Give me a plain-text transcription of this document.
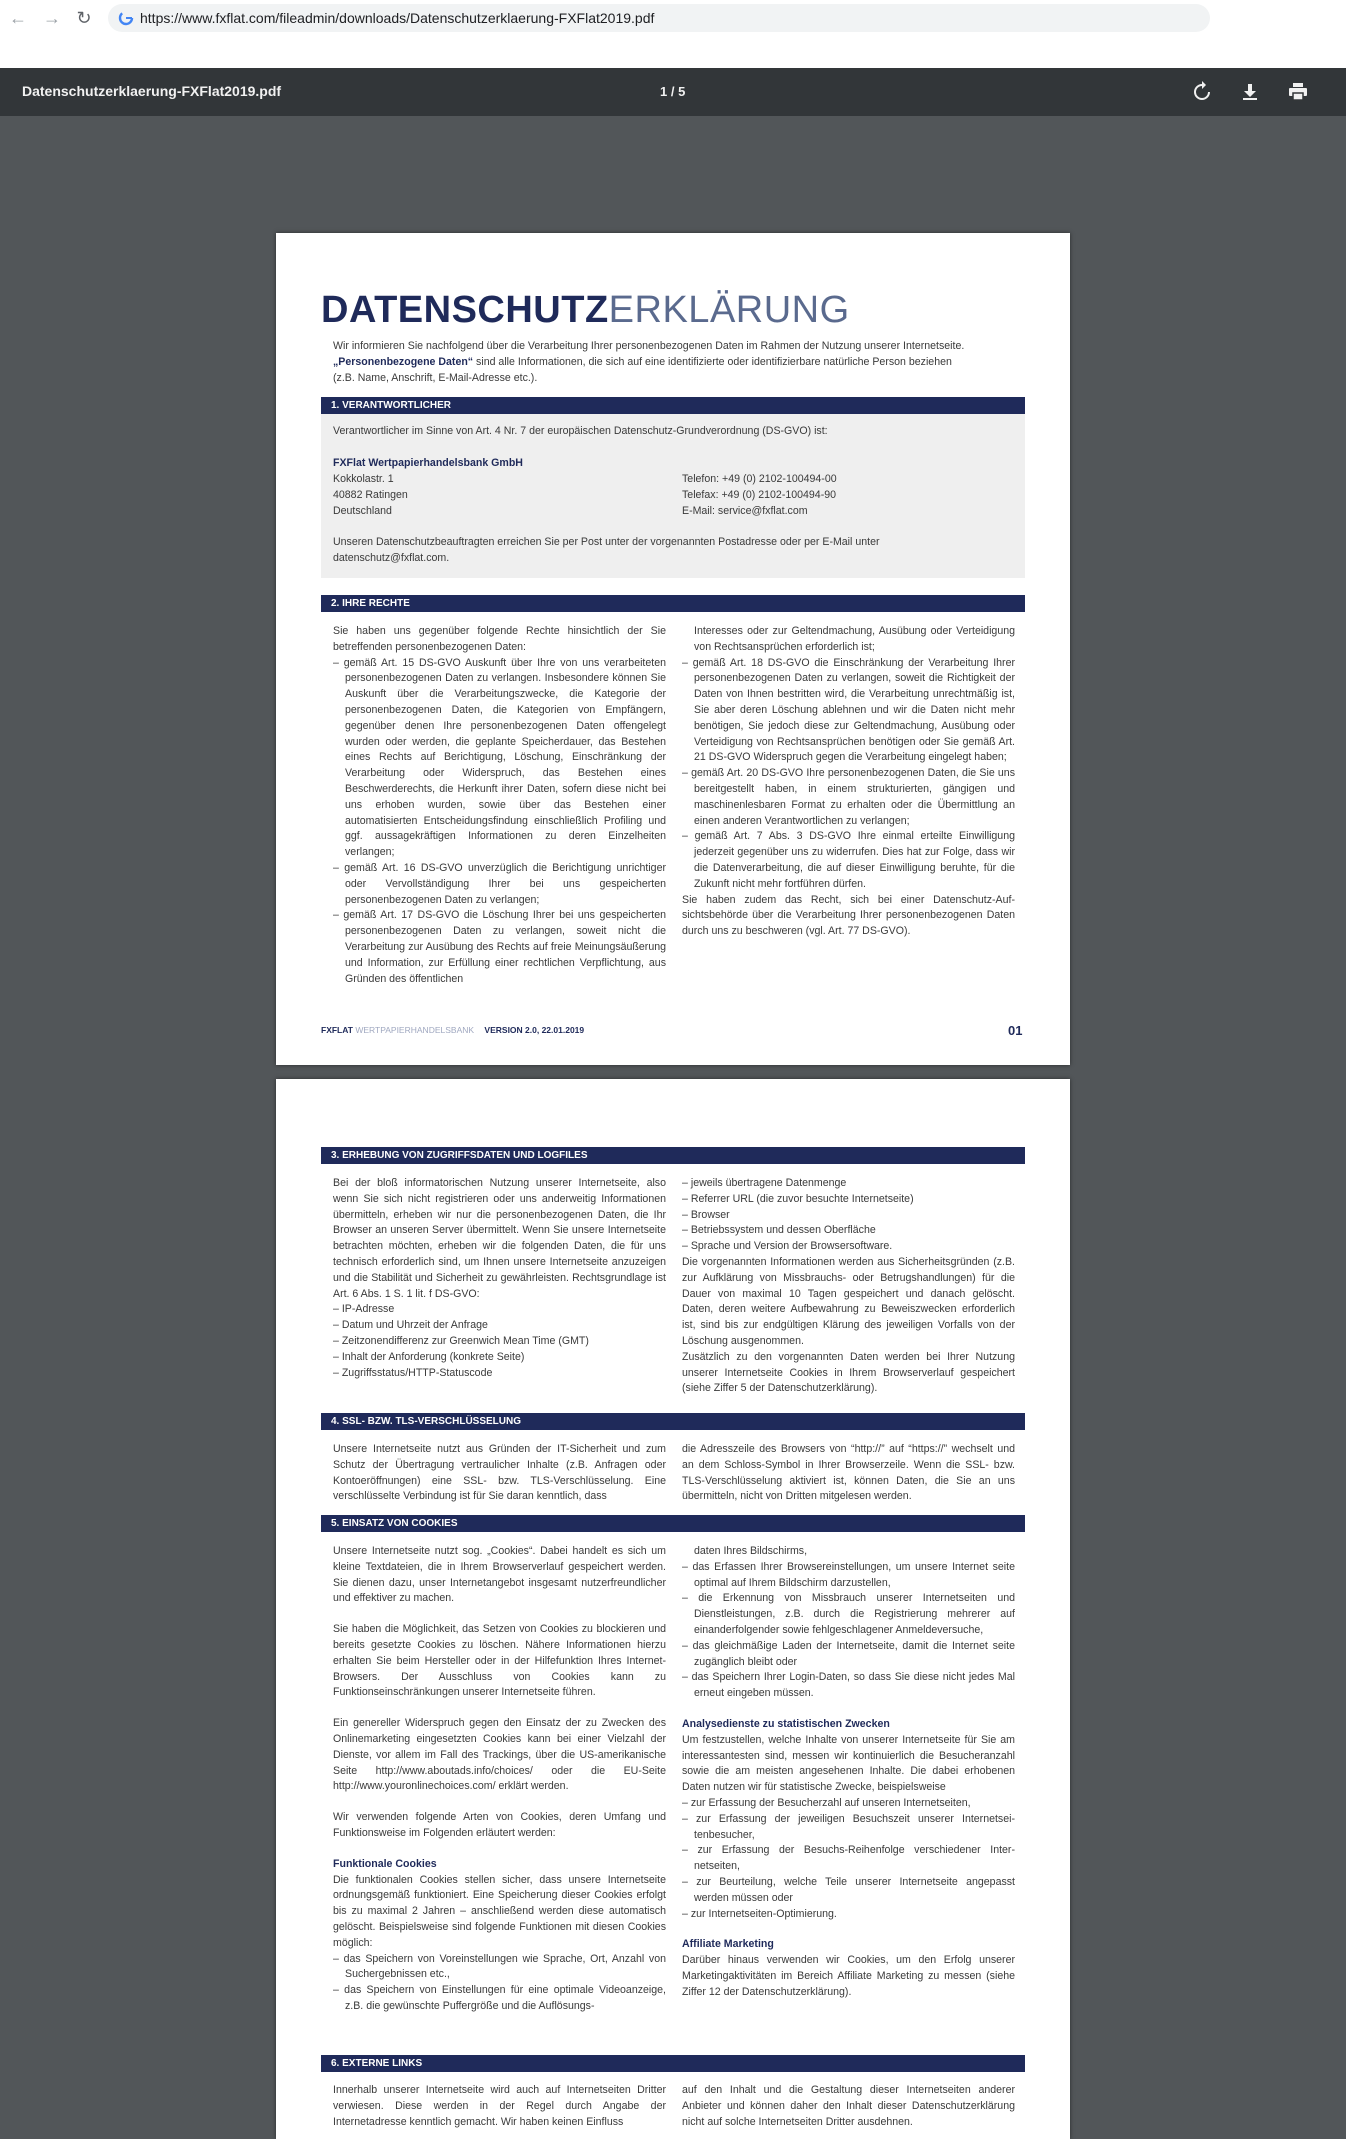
← → ↻	https://www.fxflat.com/fileadmin/downloads/Datenschutzerklaerung-FXFlat2019.pdf
Datenschutzerklaerung-FXFlat2019.pdf	1 / 5
DATENSCHUTZERKLÄRUNG
Wir informieren Sie nachfolgend über die Verarbeitung Ihrer personenbezogenen Daten im Rahmen der Nutzung unserer Internetseite.
„Personenbezogene Daten“ sind alle Informationen, die sich auf eine identifizierte oder identifizierbare natürliche Person beziehen
(z.B. Name, Anschrift, E-Mail-Adresse etc.).
1. VERANTWORTLICHER
Verantwortlicher im Sinne von Art. 4 Nr. 7 der europäischen Datenschutz-Grundverordnung (DS-GVO) ist:
FXFlat Wertpapierhandelsbank GmbH
Kokkolastr. 1
40882 Ratingen
Deutschland
Telefon: +49 (0) 2102-100494-00
Telefax: +49 (0) 2102-100494-90
E-Mail: service@fxflat.com
Unseren Datenschutzbeauftragten erreichen Sie per Post unter der vorgenannten Postadresse oder per E-Mail unter
datenschutz@fxflat.com.
2. IHRE RECHTE
Sie haben uns gegenüber folgende Rechte hinsichtlich der Sie betreffenden personenbezogenen Daten:
– gemäß Art. 15 DS-GVO Auskunft über Ihre von uns verarbeiteten personenbezogenen Daten zu verlangen. Insbesondere können Sie Auskunft über die Verarbeitungszwecke, die Kategorie der personenbezogenen Daten, die Kategorien von Empfängern, gegenüber denen Ihre personenbezogenen Daten offengelegt wurden oder werden, die geplante Speicherdauer, das Bestehen eines Rechts auf Berichtigung, Löschung, Einschränkung der Verarbeitung oder Widerspruch, das Bestehen eines Beschwerderechts, die Herkunft ihrer Daten, sofern diese nicht bei uns erhoben wurden, sowie über das Bestehen einer automatisierten Entscheidungsfindung einschließlich Profiling und ggf. aussagekräftigen Informationen zu deren Einzelheiten verlangen;
– gemäß Art. 16 DS-GVO unverzüglich die Berichtigung unrichtiger oder Vervollständigung Ihrer bei uns gespeicherten personenbezogenen Daten zu verlangen;
– gemäß Art. 17 DS-GVO die Löschung Ihrer bei uns gespeicherten personenbezogenen Daten zu verlangen, soweit nicht die Verarbeitung zur Ausübung des Rechts auf freie Meinungsäußerung und Information, zur Erfüllung einer rechtlichen Verpflichtung, aus Gründen des öffentlichen
Interesses oder zur Geltendmachung, Ausübung oder Verteidigung von Rechtsansprüchen erforderlich ist;
– gemäß Art. 18 DS-GVO die Einschränkung der Verarbeitung Ihrer personenbezogenen Daten zu verlangen, soweit die Richtigkeit der Daten von Ihnen bestritten wird, die Verarbeitung unrechtmäßig ist, Sie aber deren Löschung ablehnen und wir die Daten nicht mehr benötigen, Sie jedoch diese zur Geltendmachung, Ausübung oder Verteidigung von Rechtsansprüchen benötigen oder Sie gemäß Art. 21 DS-GVO Widerspruch gegen die Verarbeitung eingelegt haben;
– gemäß Art. 20 DS-GVO Ihre personenbezogenen Daten, die Sie uns bereitgestellt haben, in einem strukturierten, gängigen und maschinenlesbaren Format zu erhalten oder die Übermittlung an einen anderen Verantwortlichen zu verlangen;
– gemäß Art. 7 Abs. 3 DS-GVO Ihre einmal erteilte Einwilligung jederzeit gegenüber uns zu widerrufen. Dies hat zur Folge, dass wir die Datenverarbeitung, die auf dieser Einwilligung beruhte, für die Zukunft nicht mehr fortführen dürfen.
Sie haben zudem das Recht, sich bei einer Datenschutz-Aufsichtsbehörde über die Verarbeitung Ihrer personenbezogenen Daten durch uns zu beschweren (vgl. Art. 77 DS-GVO).
FXFLAT WERTPAPIERHANDELSBANK VERSION 2.0, 22.01.2019	01
3. ERHEBUNG VON ZUGRIFFSDATEN UND LOGFILES
Bei der bloß informatorischen Nutzung unserer Internetseite, also wenn Sie sich nicht registrieren oder uns anderweitig Informationen übermitteln, erheben wir nur die personenbezogenen Daten, die Ihr Browser an unseren Server übermittelt. Wenn Sie unsere Internetseite betrachten möchten, erheben wir die folgenden Daten, die für uns technisch erforderlich sind, um Ihnen unsere Internetseite anzuzeigen und die Stabilität und Sicherheit zu gewährleisten. Rechtsgrundlage ist Art. 6 Abs. 1 S. 1 lit. f DS-GVO:
– IP-Adresse
– Datum und Uhrzeit der Anfrage
– Zeitzonendifferenz zur Greenwich Mean Time (GMT)
– Inhalt der Anforderung (konkrete Seite)
– Zugriffsstatus/HTTP-Statuscode
– jeweils übertragene Datenmenge
– Referrer URL (die zuvor besuchte Internetseite)
– Browser
– Betriebssystem und dessen Oberfläche
– Sprache und Version der Browsersoftware.
Die vorgenannten Informationen werden aus Sicherheitsgründen (z.B. zur Aufklärung von Missbrauchs- oder Betrugshandlungen) für die Dauer von maximal 10 Tagen gespeichert und danach gelöscht. Daten, deren weitere Aufbewahrung zu Beweiszwecken erforderlich ist, sind bis zur endgültigen Klärung des jeweiligen Vorfalls von der Löschung ausgenommen.
Zusätzlich zu den vorgenannten Daten werden bei Ihrer Nutzung unserer Internetseite Cookies in Ihrem Browserverlauf gespeichert (siehe Ziffer 5 der Datenschutzerklärung).
4. SSL- BZW. TLS-VERSCHLÜSSELUNG
Unsere Internetseite nutzt aus Gründen der IT-Sicherheit und zum Schutz der Übertragung vertraulicher Inhalte (z.B. Anfragen oder Kontoeröffnungen) eine SSL- bzw. TLS-Verschlüsselung. Eine verschlüsselte Verbindung ist für Sie daran kenntlich, dass
die Adresszeile des Browsers von “http://” auf “https://” wechselt und an dem Schloss-Symbol in Ihrer Browserzeile. Wenn die SSL- bzw. TLS-Verschlüsselung aktiviert ist, können Daten, die Sie an uns übermitteln, nicht von Dritten mitgelesen werden.
5. EINSATZ VON COOKIES
Unsere Internetseite nutzt sog. „Cookies“. Dabei handelt es sich um kleine Textdateien, die in Ihrem Browserverlauf gespeichert werden. Sie dienen dazu, unser Internetangebot insgesamt nutzerfreundlicher und effektiver zu machen.
Sie haben die Möglichkeit, das Setzen von Cookies zu blockieren und bereits gesetzte Cookies zu löschen. Nähere Informationen hierzu erhalten Sie beim Hersteller oder in der Hilfefunktion Ihres Internet-Browsers. Der Ausschluss von Cookies kann zu Funktionseinschränkungen unserer Internetseite führen.
Ein genereller Widerspruch gegen den Einsatz der zu Zwecken des Onlinemarketing eingesetzten Cookies kann bei einer Vielzahl der Dienste, vor allem im Fall des Trackings, über die US-amerikanische Seite http://www.aboutads.info/choices/ oder die EU-Seite http://www.youronlinechoices.com/ erklärt werden.
Wir verwenden folgende Arten von Cookies, deren Umfang und Funktionsweise im Folgenden erläutert werden:
Funktionale Cookies
Die funktionalen Cookies stellen sicher, dass unsere Internetseite ordnungsgemäß funktioniert. Eine Speicherung dieser Cookies erfolgt bis zu maximal 2 Jahren – anschließend werden diese automatisch gelöscht. Beispielsweise sind folgende Funktionen mit diesen Cookies möglich:
– das Speichern von Voreinstellungen wie Sprache, Ort, Anzahl von Suchergebnissen etc.,
– das Speichern von Einstellungen für eine optimale Videoanzeige, z.B. die gewünschte Puffergröße und die Auflösungs-
daten Ihres Bildschirms,
– das Erfassen Ihrer Browsereinstellungen, um unsere Internet seite optimal auf Ihrem Bildschirm darzustellen,
– die Erkennung von Missbrauch unserer Internetseiten und Dienstleistungen, z.B. durch die Registrierung mehrerer auf einanderfolgender sowie fehlgeschlagener Anmeldeversuche,
– das gleichmäßige Laden der Internetseite, damit die Internet seite zugänglich bleibt oder
– das Speichern Ihrer Login-Daten, so dass Sie diese nicht jedes Mal erneut eingeben müssen.
Analysedienste zu statistischen Zwecken
Um festzustellen, welche Inhalte von unserer Internetseite für Sie am interessantesten sind, messen wir kontinuierlich die Besucheranzahl sowie die am meisten angesehenen Inhalte. Die dabei erhobenen Daten nutzen wir für statistische Zwecke, beispielsweise
– zur Erfassung der Besucherzahl auf unseren Internetseiten,
– zur Erfassung der jeweiligen Besuchszeit unserer Internetseitenbesucher,
– zur Erfassung der Besuchs-Reihenfolge verschiedener Internetseiten,
– zur Beurteilung, welche Teile unserer Internetseite angepasst werden müssen oder
– zur Internetseiten-Optimierung.
Affiliate Marketing
Darüber hinaus verwenden wir Cookies, um den Erfolg unserer Marketingaktivitäten im Bereich Affiliate Marketing zu messen (siehe Ziffer 12 der Datenschutzerklärung).
6. EXTERNE LINKS
Innerhalb unserer Internetseite wird auch auf Internetseiten Dritter verwiesen. Diese werden in der Regel durch Angabe der Internetadresse kenntlich gemacht. Wir haben keinen Einfluss
auf den Inhalt und die Gestaltung dieser Internetseiten anderer Anbieter und können daher den Inhalt dieser Datenschutzerklärung nicht auf solche Internetseiten Dritter ausdehnen.
